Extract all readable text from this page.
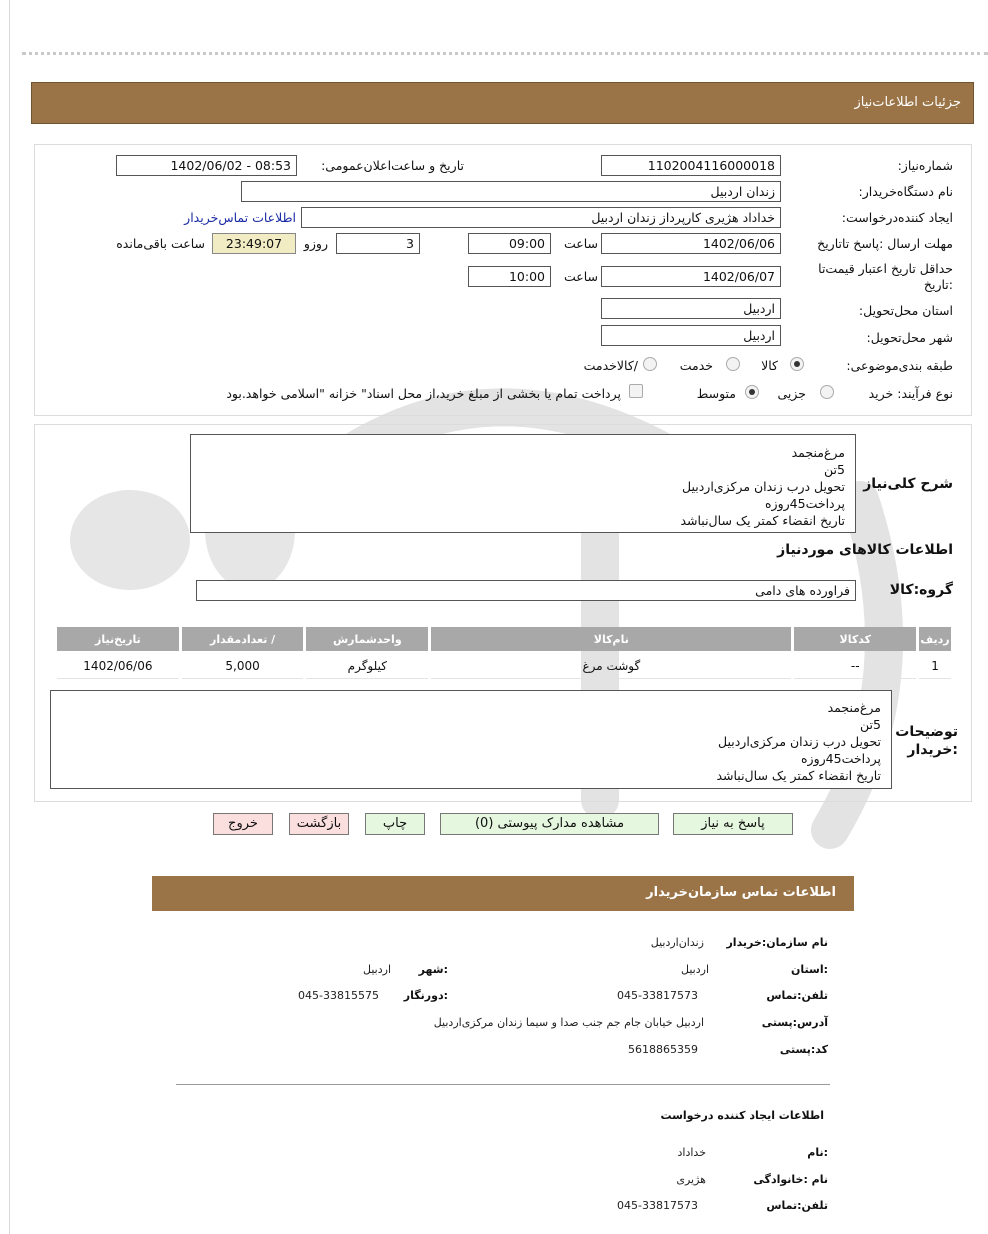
جزئیات اطلاعات‌نیاز
شماره‌نیاز:
1102004116000018
تاریخ و ساعت‌اعلان‌عمومی:
1402/06/02 - 08:53
نام دستگاه‌خریدار:
زندان اردبیل
ایجاد کننده‌درخواست:
خداداد هژیری کارپرداز زندان اردبیل
اطلاعات تماس‌خریدار
مهلت ارسال :پاسخ تا‌تاریخ
1402/06/06
ساعت
09:00
3
روزو
23:49:07
ساعت باقی‌مانده
حداقل تاریخ اعتبار قیمت‌تا
:تاریخ
1402/06/07
ساعت
10:00
استان محل‌تحویل:
اردبیل
شهر محل‌تحویل:
اردبیل
طبقه بندی‌موضوعی:
کالا
خدمت
/کالاخدمت
نوع فرآیند: خرید
جزیی
متوسط
پرداخت تمام یا بخشی از مبلغ خرید،از محل اسناد" خزانه "اسلامی خواهد.بود
شرح کلی‌نیاز
مرغ‌منجمد
5تن
تحویل درب زندان مرکزی‌اردبیل
پرداخت45روزه
تاریخ انقضاء کمتر یک سال‌نباشد
اطلاعات کالاهای موردنیاز
گروه:کالا
فراورده های دامی
ردیف	کدکالا	نام‌کالا	واحدشمارش	/ تعدادمقدار	تاریخ‌نیاز
1	--	گوشت مرغ	کیلوگرم	5,000	1402/06/06
توضیحات
:خریدار
مرغ‌منجمد
5تن
تحویل درب زندان مرکزی‌اردبیل
پرداخت45روزه
تاریخ انقضاء کمتر یک سال‌نباشد
پاسخ به نیاز
مشاهده مدارک پیوستی (0)
چاپ
بازگشت
خروج
اطلاعات تماس سازمان‌خریدار
نام سازمان:خریدار
زندان‌اردبیل
:استان
اردبیل
:شهر
اردبیل
تلفن:تماس
045-33817573
:دورنگار
045-33815575
آدرس:پستی
اردبیل خیابان جام جم جنب صدا و سیما زندان مرکزی‌اردبیل
کد:پستی
5618865359
اطلاعات ایجاد کننده درخواست
:نام
خداداد
نام :خانوادگی
هژیری
تلفن:تماس
045-33817573
